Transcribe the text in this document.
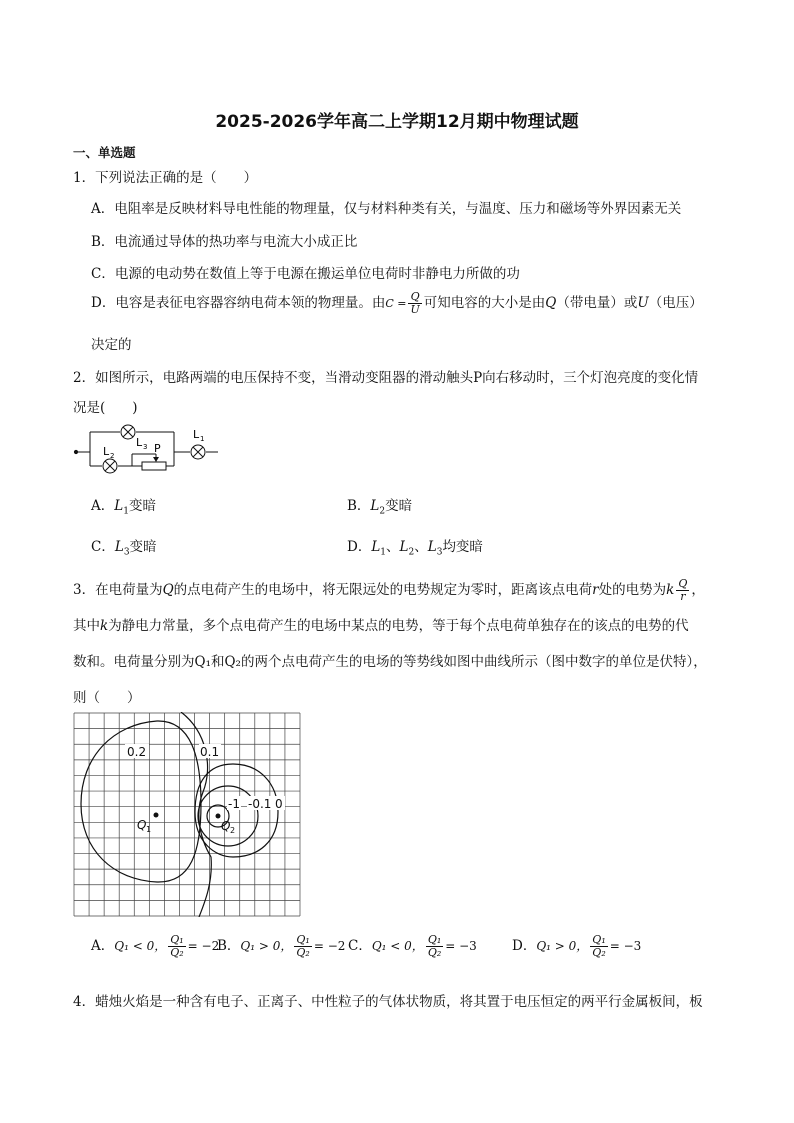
2025-2026学年高二上学期12月期中物理试题
一、单选题
1．下列说法正确的是（　　）
A．电阻率是反映材料导电性能的物理量，仅与材料种类有关，与温度、压力和磁场等外界因素无关
B．电流通过导体的热功率与电流大小成正比
C．电源的电动势在数值上等于电源在搬运单位电荷时非静电力所做的功
D．电容是表征电容器容纳电荷本领的物理量。由$C = \frac{Q}{U}$ 可知电容的大小是由Q（带电量）或U（电压）
决定的
2．如图所示，电路两端的电压保持不变，当滑动变阻器的滑动触头P向右移动时，三个灯泡亮度的变化情
况是(　　)
L 3
L 1
L 2
P
A．$L_1$变暗	B．$L_2$变暗
C．$L_3$变暗	D．$L_1$、$L_2$、$L_3$均变暗
3．在电荷量为Q的点电荷产生的电场中，将无限远处的电势规定为零时，距离该点电荷r处的电势为k $\frac{Q}{r}$ ，
其中k为静电力常量，多个点电荷产生的电场中某点的电势，等于每个点电荷单独存在的该点的电势的代
数和。电荷量分别为Q₁和Q₂的两个点电荷产生的电场的等势线如图中曲线所示（图中数字的单位是伏特），
则（　　）
0.2	0.1
-1 -0.1 0
Q 1	Q 2
A．Q₁ < 0， $\frac{\text{Q₁}}{\text{Q₂}} = -2$
B．Q₁ > 0， $\frac{\text{Q₁}}{\text{Q₂}} = -2$ C．Q₁ < 0， $\frac{\text{Q₁}}{\text{Q₂}} = -3$	D．Q₁ > 0， $\frac{\text{Q₁}}{\text{Q₂}} = -3$
4．蜡烛火焰是一种含有电子、正离子、中性粒子的气体状物质，将其置于电压恒定的两平行金属板间，板
